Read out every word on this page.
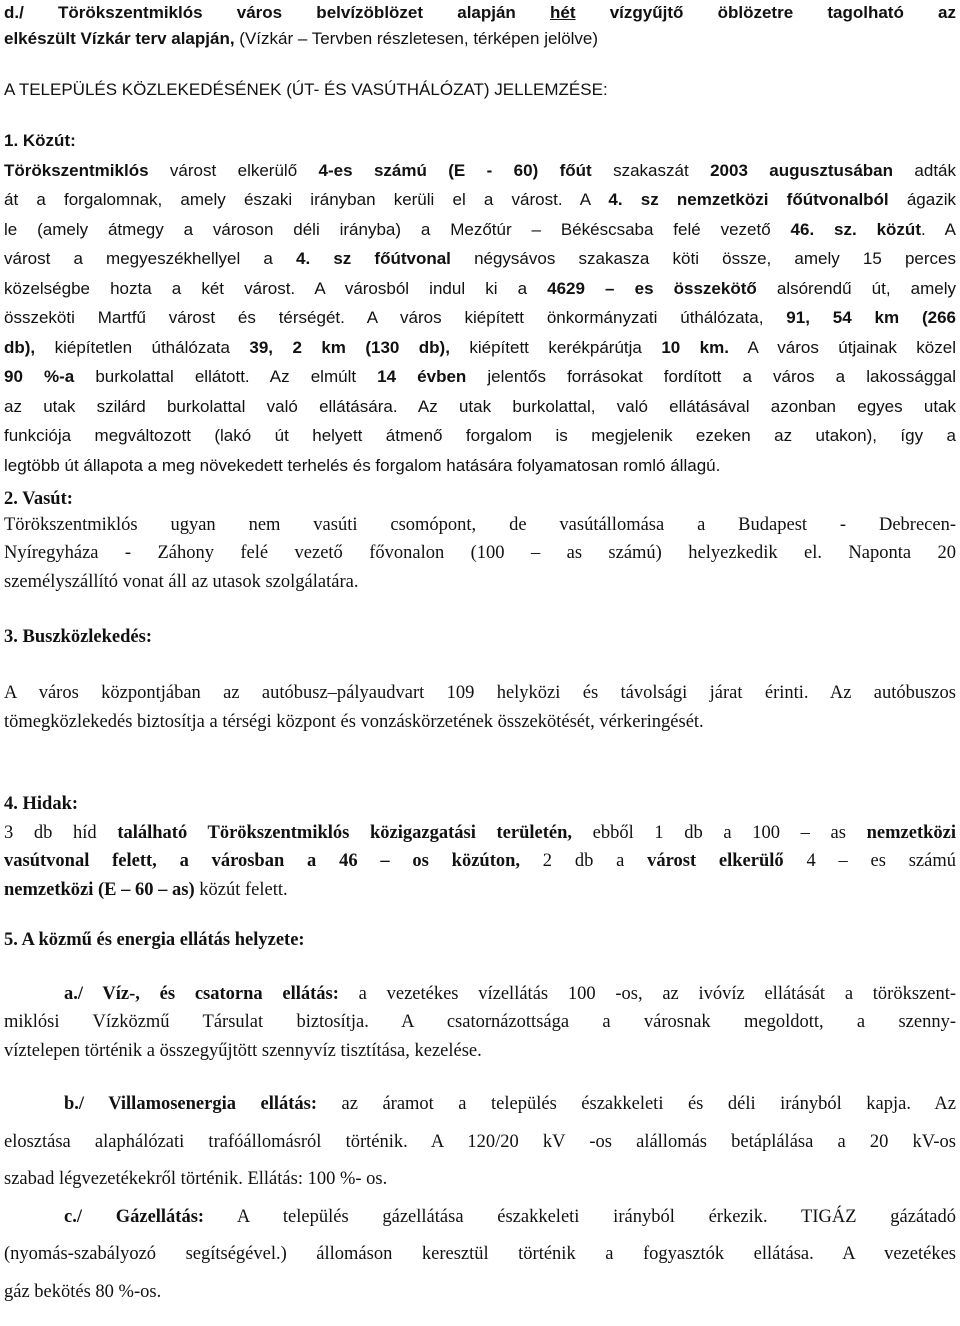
d./ Törökszentmiklós város belvízöblözet alapján hét vízgyűjtő öblözetre tagolható az
elkészült Vízkár terv alapján, (Vízkár – Tervben részletesen, térképen jelölve)
A TELEPÜLÉS KÖZLEKEDÉSÉNEK (ÚT- ÉS VASÚTHÁLÓZAT) JELLEMZÉSE:
1. Közút:
Törökszentmiklós várost elkerülő 4-es számú (E - 60) főút szakaszát 2003 augusztusában adták
át a forgalomnak, amely északi irányban kerüli el a várost. A 4. sz nemzetközi főútvonalból ágazik
le (amely átmegy a városon déli irányba) a Mezőtúr – Békéscsaba felé vezető 46. sz. közút. A
várost a megyeszékhellyel a 4. sz főútvonal négysávos szakasza köti össze, amely 15 perces
közelségbe hozta a két várost. A városból indul ki a 4629 – es összekötő alsórendű út, amely
összeköti Martfű várost és térségét. A város kiépített önkormányzati úthálózata, 91, 54 km (266
db), kiépítetlen úthálózata 39, 2 km (130 db), kiépített kerékpárútja 10 km. A város útjainak közel
90 %-a burkolattal ellátott. Az elmúlt 14 évben jelentős forrásokat fordított a város a lakossággal
az utak szilárd burkolattal való ellátására. Az utak burkolattal, való ellátásával azonban egyes utak
funkciója megváltozott (lakó út helyett átmenő forgalom is megjelenik ezeken az utakon), így a
legtöbb út állapota a meg növekedett terhelés és forgalom hatására folyamatosan romló állagú.
2. Vasút:
Törökszentmiklós ugyan nem vasúti csomópont, de vasútállomása a Budapest - Debrecen-
Nyíregyháza - Záhony felé vezető fővonalon (100 – as számú) helyezkedik el. Naponta 20
személyszállító vonat áll az utasok szolgálatára.
3. Buszközlekedés:
A város központjában az autóbusz–pályaudvart 109 helyközi és távolsági járat érinti. Az autóbuszos
tömegközlekedés biztosítja a térségi központ és vonzáskörzetének összekötését, vérkeringését.
4. Hidak:
3 db híd található Törökszentmiklós közigazgatási területén, ebből 1 db a 100 – as nemzetközi
vasútvonal felett, a városban a 46 – os közúton, 2 db a várost elkerülő 4 – es számú
nemzetközi (E – 60 – as) közút felett.
5. A közmű és energia ellátás helyzete:
a./ Víz-, és csatorna ellátás: a vezetékes vízellátás 100 -os, az ivóvíz ellátását a törökszent-
miklósi Vízközmű Társulat biztosítja. A csatornázottsága a városnak megoldott, a szenny-
víztelepen történik a összegyűjtött szennyvíz tisztítása, kezelése.
b./ Villamosenergia ellátás: az áramot a település északkeleti és déli irányból kapja. Az
elosztása alaphálózati trafóállomásról történik. A 120/20 kV -os alállomás betáplálása a 20 kV-os
szabad légvezetékekről történik. Ellátás: 100 %- os.
c./ Gázellátás: A település gázellátása északkeleti irányból érkezik. TIGÁZ gázátadó
(nyomás-szabályozó segítségével.) állomáson keresztül történik a fogyasztók ellátása. A vezetékes
gáz bekötés 80 %-os.
